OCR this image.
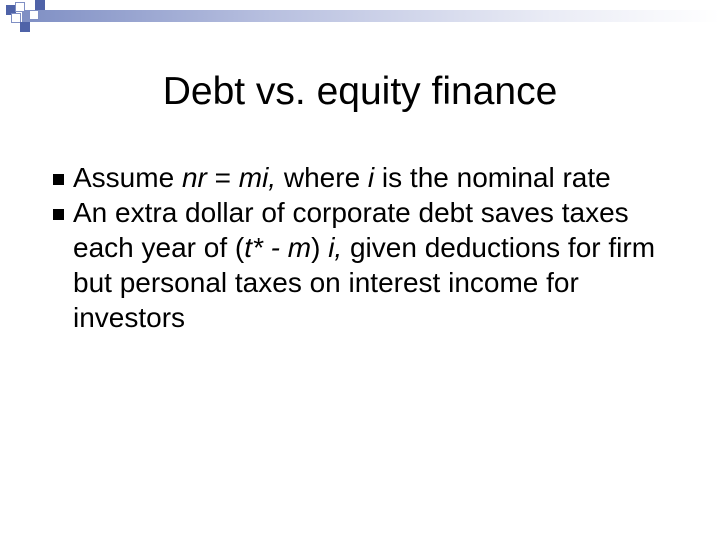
Debt vs. equity finance
Assume nr = mi, where i is the nominal rate
An extra dollar of corporate debt saves taxes each year of (t* - m) i, given deductions for firm but personal taxes on interest income for investors
